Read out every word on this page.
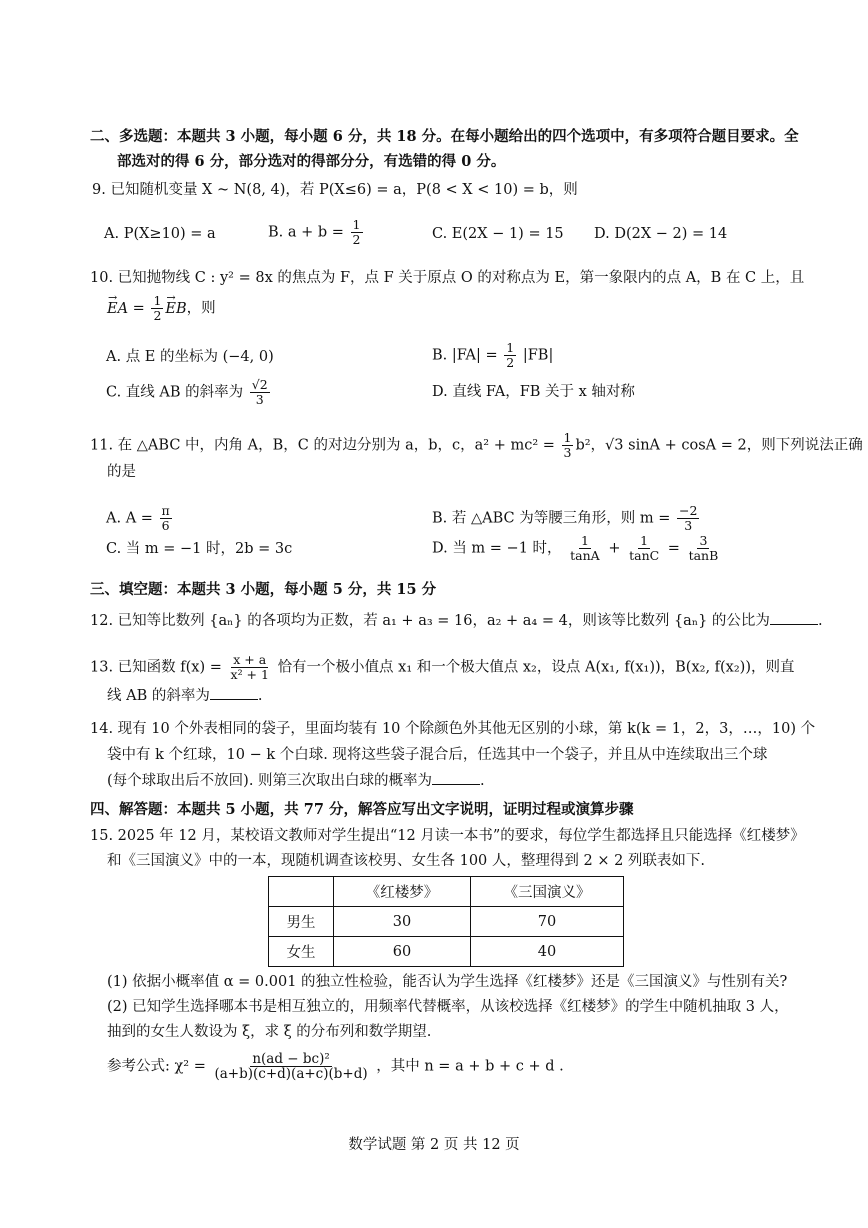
二、多选题：本题共 3 小题，每小题 6 分，共 18 分。在每小题给出的四个选项中，有多项符合题目要求。全
部选对的得 6 分，部分选对的得部分分，有选错的得 0 分。
9. 已知随机变量 X ~ N(8, 4)，若 P(X≤6) = a，P(8 < X < 10) = b，则
A. P(X≥10) = a	B. $a + b = \frac{1}{2}$	C. E(2X − 1) = 15 D. D(2X − 2) = 14
10. 已知抛物线 C : y² = 8x 的焦点为 F，点 F 关于原点 O 的对称点为 E，第一象限内的点 A，B 在 C 上，且
→ EA = $\frac{1}{2}$ → EB，则
A. 点 E 的坐标为 (−4, 0)	B. $|FA| = \frac{1}{2} |FB|$
C. 直线 AB 的斜率为 $\frac{√2}{3}$	D. 直线 FA，FB 关于 x 轴对称
11. 在 △ABC 中，内角 A，B，C 的对边分别为 a，b，c，$a^2 + mc^2 = \frac{1}{3} b^2$，√3 sinA + cosA = 2，则下列说法正确
的是
A. $A = \frac{\pi}{6}$	B. 若 △ABC 为等腰三角形，则 $m = \frac{-2}{3}$
C. 当 m = −1 时，2b = 3c	D. 当 m = −1 时， $\frac{1}{\tan A} + \frac{1}{\tan C} = \frac{3}{\tan B}$
三、填空题：本题共 3 小题，每小题 5 分，共 15 分
12. 已知等比数列 {aₙ} 的各项均为正数，若 a₁ + a₃ = 16，a₂ + a₄ = 4，则该等比数列 {aₙ} 的公比为	.
13. 已知函数 $f(x) = \frac{x + a}{\text{x² + 1}}$ 恰有一个极小值点 x₁ 和一个极大值点 x₂，设点 A(x₁, f(x₁))，B(x₂, f(x₂))，则直
线 AB 的斜率为	.
14. 现有 10 个外表相同的袋子，里面均装有 10 个除颜色外其他无区别的小球，第 k(k = 1，2，3，…，10) 个
袋中有 k 个红球，10 − k 个白球. 现将这些袋子混合后，任选其中一个袋子，并且从中连续取出三个球
(每个球取出后不放回). 则第三次取出白球的概率为	.
四、解答题：本题共 5 小题，共 77 分，解答应写出文字说明，证明过程或演算步骤
15. 2025 年 12 月，某校语文教师对学生提出“12 月读一本书”的要求，每位学生都选择且只能选择《红楼梦》
和《三国演义》中的一本，现随机调查该校男、女生各 100 人，整理得到 2 × 2 列联表如下.
	《红楼梦》	《三国演义》
男生	30	70
女生	60	40
(1) 依据小概率值 α = 0.001 的独立性检验，能否认为学生选择《红楼梦》还是《三国演义》与性别有关?
(2) 已知学生选择哪本书是相互独立的，用频率代替概率，从该校选择《红楼梦》的学生中随机抽取 3 人，
抽到的女生人数设为 ξ，求 ξ 的分布列和数学期望.
参考公式: $\chi^2 = \frac{\text{n(ad − bc)²}}{(a+b)(c+d)(a+c)(b+d)}$ ，其中 n = a + b + c + d .
数学试题 第 2 页 共 12 页
